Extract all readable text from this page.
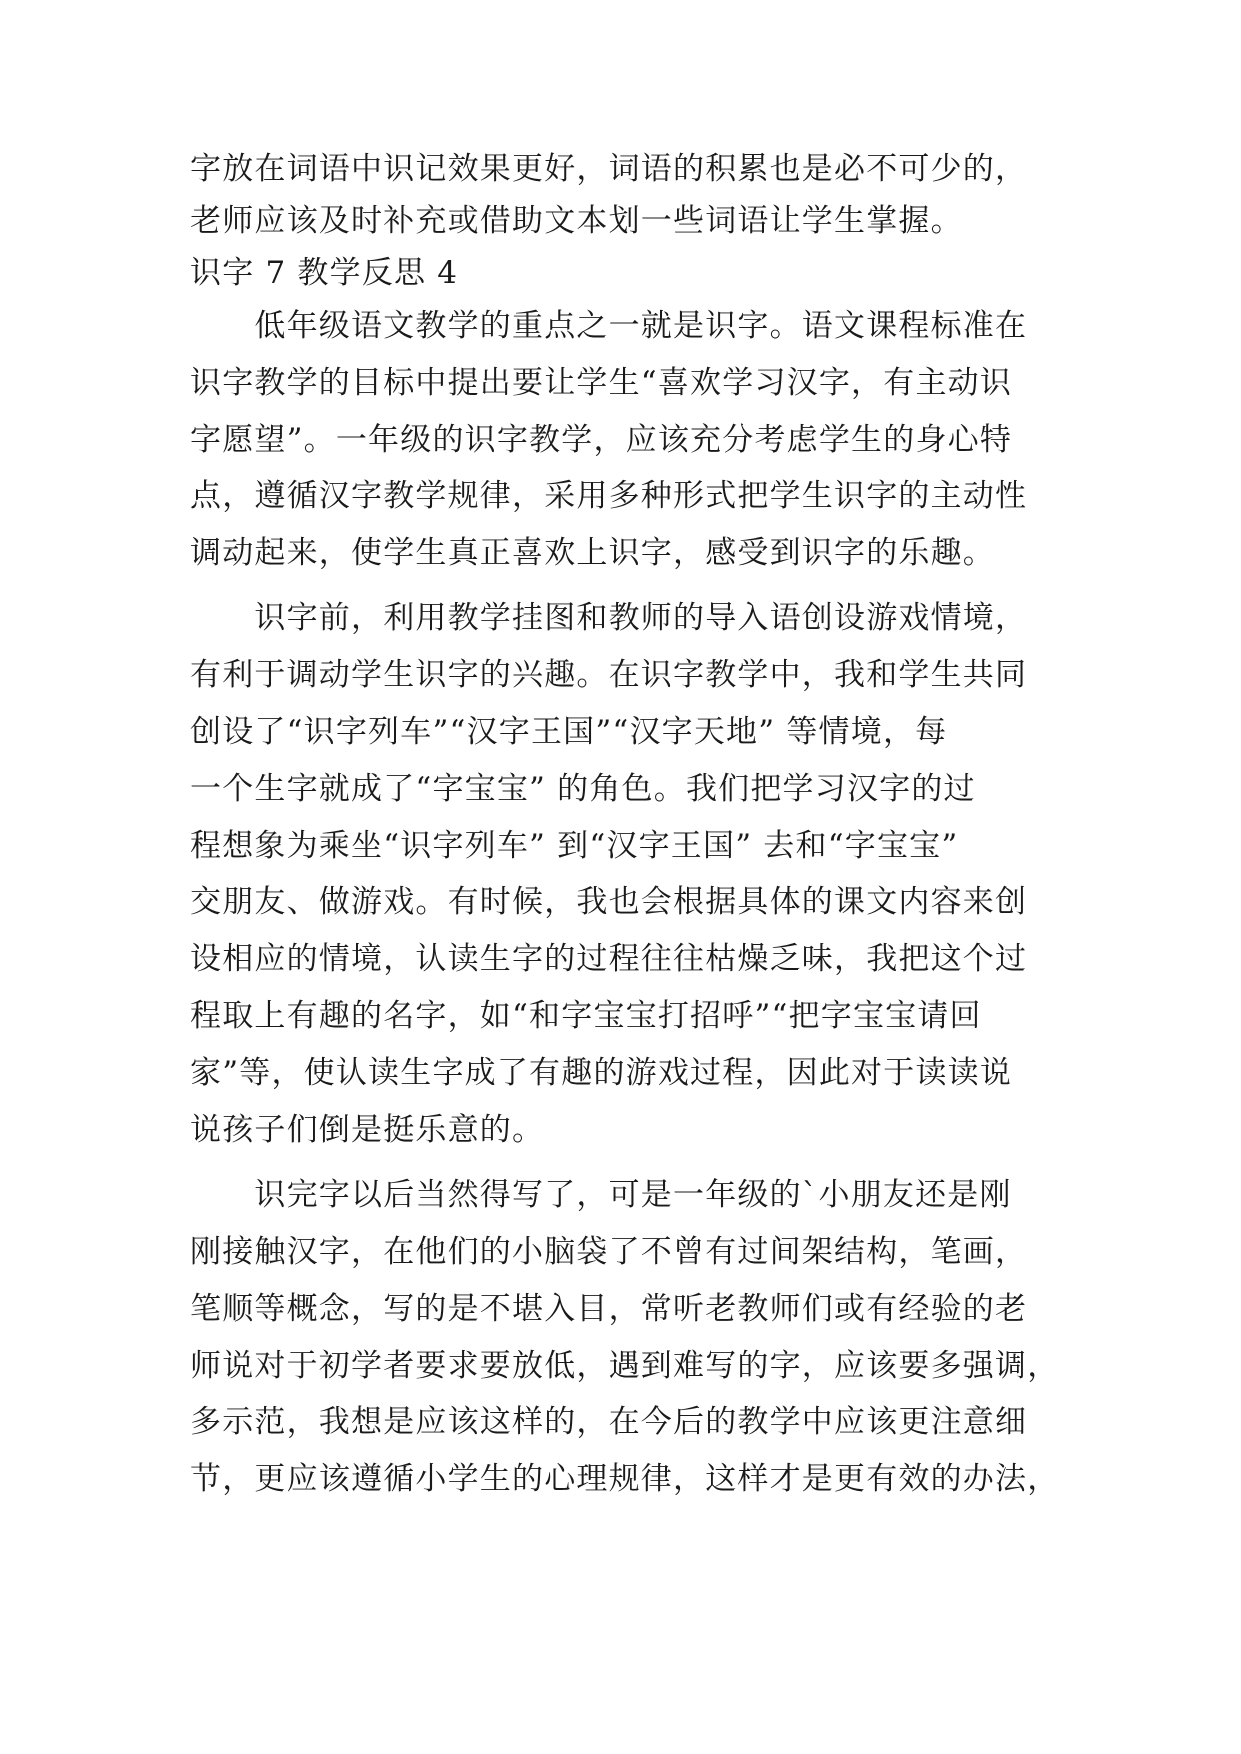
字放在词语中识记效果更好，词语的积累也是必不可少的，

老师应该及时补充或借助文本划一些词语让学生掌握。

识字 7 教学反思 4

　　低年级语文教学的重点之一就是识字。语文课程标准在

识字教学的目标中提出要让学生“喜欢学习汉字，有主动识

字愿望”。一年级的识字教学，应该充分考虑学生的身心特

点，遵循汉字教学规律，采用多种形式把学生识字的主动性

调动起来，使学生真正喜欢上识字，感受到识字的乐趣。

　　识字前，利用教学挂图和教师的导入语创设游戏情境，

有利于调动学生识字的兴趣。在识字教学中，我和学生共同

创设了“识字列车”“汉字王国”“汉字天地” 等情境，每

一个生字就成了“字宝宝” 的角色。我们把学习汉字的过

程想象为乘坐“识字列车” 到“汉字王国” 去和“字宝宝”

交朋友、做游戏。有时候，我也会根据具体的课文内容来创

设相应的情境，认读生字的过程往往枯燥乏味，我把这个过

程取上有趣的名字，如“和字宝宝打招呼”“把字宝宝请回

家”等，使认读生字成了有趣的游戏过程，因此对于读读说

说孩子们倒是挺乐意的。

　　识完字以后当然得写了，可是一年级的`小朋友还是刚

刚接触汉字，在他们的小脑袋了不曾有过间架结构，笔画，

笔顺等概念，写的是不堪入目，常听老教师们或有经验的老

师说对于初学者要求要放低，遇到难写的字，应该要多强调，

多示范，我想是应该这样的，在今后的教学中应该更注意细

节，更应该遵循小学生的心理规律，这样才是更有效的办法，
